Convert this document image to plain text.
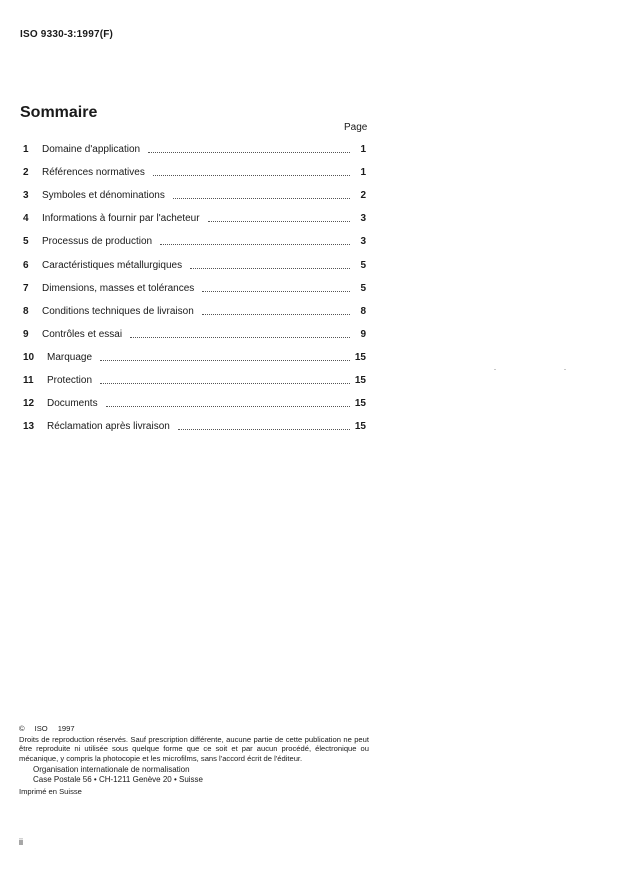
ISO 9330-3:1997(F)
Sommaire
Page
1 Domaine d'application	1
2 Références normatives	1
3 Symboles et dénominations	2
4 Informations à fournir par l'acheteur	3
5 Processus de production	3
6 Caractéristiques métallurgiques	5
7 Dimensions, masses et tolérances	5
8 Conditions techniques de livraison	8
9 Contrôles et essai	9
10 Marquage	15
11 Protection	15
12 Documents	15
13 Réclamation après livraison	15
© ISO 1997
Droits de reproduction réservés. Sauf prescription différente, aucune partie de cette publication ne peut être reproduite ni utilisée sous quelque forme que ce soit et par aucun procédé, électronique ou mécanique, y compris la photocopie et les microfilms, sans l'accord écrit de l'éditeur.
Organisation internationale de normalisation
Case Postale 56 • CH-1211 Genève 20 • Suisse
Imprimé en Suisse
ii
